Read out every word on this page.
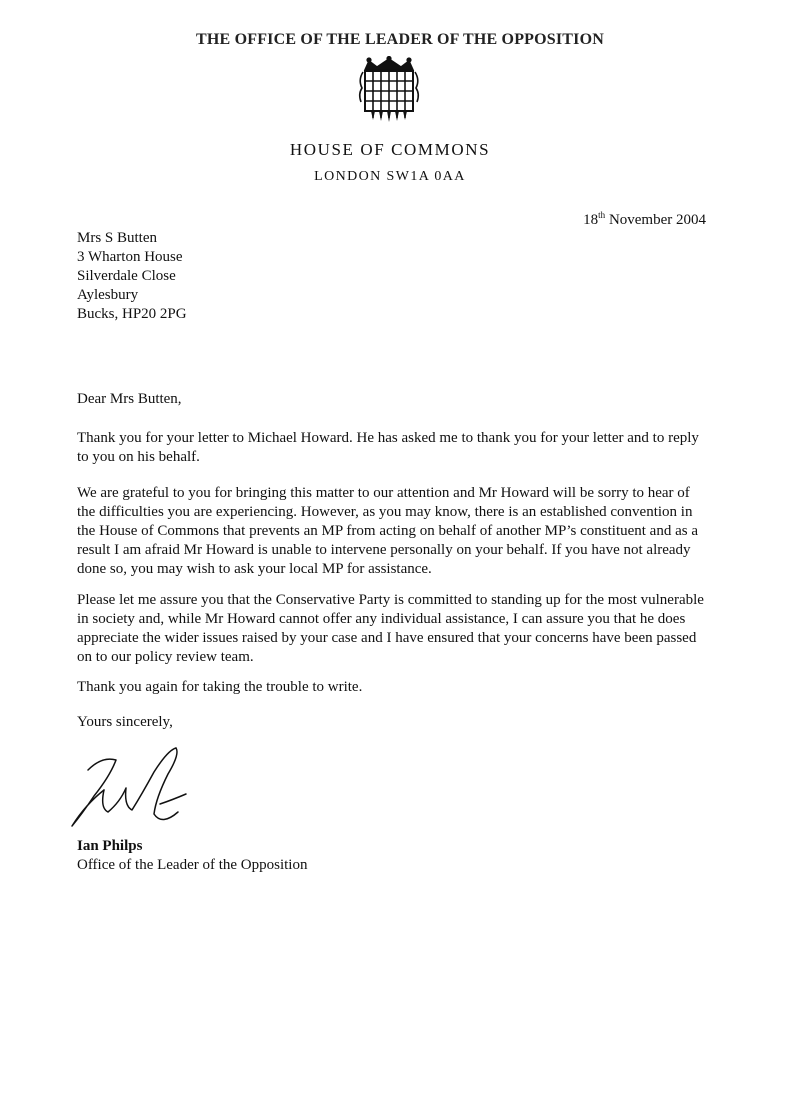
THE OFFICE OF THE LEADER OF THE OPPOSITION
HOUSE OF COMMONS
LONDON SW1A 0AA
18th November 2004
Mrs S Butten
3 Wharton House
Silverdale Close
Aylesbury
Bucks, HP20 2PG
Dear Mrs Butten,

Thank you for your letter to Michael Howard. He has asked me to thank you for your letter and to reply to you on his behalf.

We are grateful to you for bringing this matter to our attention and Mr Howard will be sorry to hear of the difficulties you are experiencing. However, as you may know, there is an established convention in the House of Commons that prevents an MP from acting on behalf of another MP’s constituent and as a result I am afraid Mr Howard is unable to intervene personally on your behalf. If you have not already done so, you may wish to ask your local MP for assistance.

Please let me assure you that the Conservative Party is committed to standing up for the most vulnerable in society and, while Mr Howard cannot offer any individual assistance, I can assure you that he does appreciate the wider issues raised by your case and I have ensured that your concerns have been passed on to our policy review team.

Thank you again for taking the trouble to write.

Yours sincerely,
Ian Philps
Office of the Leader of the Opposition
